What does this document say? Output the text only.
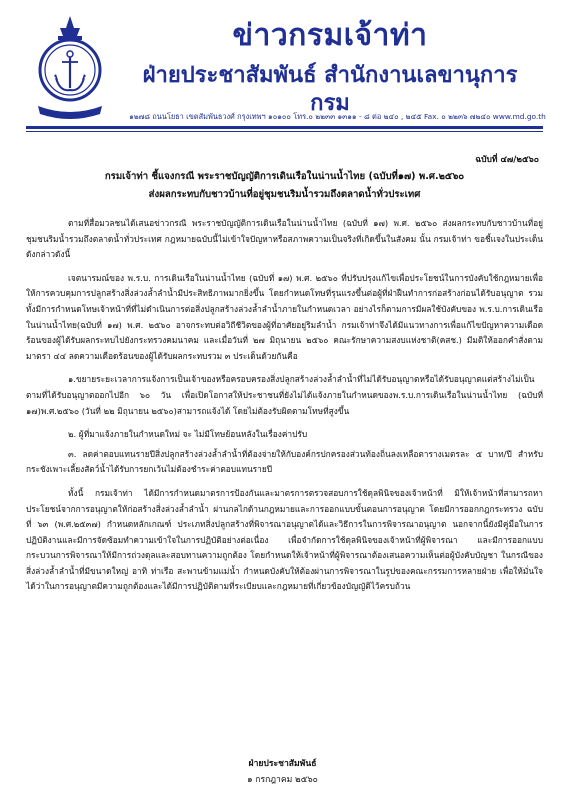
ข่าวกรมเจ้าท่า
ฝ่ายประชาสัมพันธ์ สำนักงานเลขานุการกรม
๑๒๗๘ ถนนโยธา เขตสัมพันธวงศ์ กรุงเทพฯ ๑๐๑๐๐ โทร.๐ ๒๒๓๓ ๑๓๑๑ - ๘ ต่อ ๒๔๐ , ๒๔๕ Fax. ๐ ๒๒๓๖ ๗๒๔๐ www.md.go.th
ฉบับที่ ๔๗/๒๕๖๐
กรมเจ้าท่า ชี้แจงกรณี พระราชบัญญัติการเดินเรือในน่านน้ำไทย (ฉบับที่๑๗) พ.ศ.๒๕๖๐
ส่งผลกระทบกับชาวบ้านที่อยู่ชุมชนริมน้ำรวมถึงตลาดน้ำทั่วประเทศ

ตามที่สื่อมวลชนได้เสนอข่าวกรณี พระราชบัญญัติการเดินเรือในน่านน้ำไทย (ฉบับที่ ๑๗) พ.ศ. ๒๕๖๐ ส่งผลกระทบกับชาวบ้านที่อยู่ชุมชนริมน้ำรวมถึงตลาดน้ำทั่วประเทศ กฎหมายฉบับนี้ไม่เข้าใจปัญหาหรือสภาพความเป็นจริงที่เกิดขึ้นในสังคม นั้น กรมเจ้าท่า ขอชี้แจงในประเด็นดังกล่าวดังนี้

เจตนารมณ์ของ พ.ร.บ. การเดินเรือในน่านน้ำไทย (ฉบับที่ ๑๗) พ.ศ. ๒๕๖๐ ที่ปรับปรุงแก้ไขเพื่อประโยชน์ในการบังคับใช้กฎหมายเพื่อให้การควบคุมการปลูกสร้างสิ่งล่วงล้ำลำน้ำมีประสิทธิภาพมากยิ่งขึ้น โดยกำหนดโทษที่รุนแรงขึ้นต่อผู้ที่ฝ่าฝืนทำการก่อสร้างก่อนได้รับอนุญาต รวมทั้งมีการกำหนดโทษเจ้าหน้าที่ที่ไม่ดำเนินการต่อสิ่งปลูกสร้างล่วงล้ำลำน้ำภายในกำหนดเวลา อย่างไรก็ตามการมีผลใช้บังคับของ พ.ร.บ.การเดินเรือในน่านน้ำไทย(ฉบับที่ ๑๗) พ.ศ. ๒๕๖๐ อาจกระทบต่อวิถีชีวิตของผู้ที่อาศัยอยู่ริมลำน้ำ กรมเจ้าท่าจึงได้มีแนวทางการเพื่อแก้ไขปัญหาความเดือดร้อนของผู้ได้รับผลกระทบไปยังกระทรวงคมนาคม และเมื่อวันที่ ๒๗ มิถุนายน ๒๕๖๐ คณะรักษาความสงบแห่งชาติ(คสช.) มีมติให้ออกคำสั่งตามมาตรา ๔๔ ลดความเดือดร้อนของผู้ได้รับผลกระทบรวม ๓ ประเด็นด้วยกันคือ

๑.ขยายระยะเวลาการแจ้งการเป็นเจ้าของหรือครอบครองสิ่งปลูกสร้างล่วงล้ำลำน้ำที่ไม่ได้รับอนุญาตหรือได้รับอนุญาตแต่สร้างไม่เป็นตามที่ได้รับอนุญาตออกไปอีก ๖๐ วัน เพื่อเปิดโอกาสให้ประชาชนที่ยังไม่ได้แจ้งภายในกำหนดของพ.ร.บ.การเดินเรือในน่านน้ำไทย (ฉบับที่ ๑๗)พ.ศ.๒๕๖๐ (วันที่ ๒๒ มิถุนายน ๒๕๖๐)สามารถแจ้งได้ โดยไม่ต้องรับผิดตามโทษที่สูงขึ้น

๒. ผู้ที่มาแจ้งภายในกำหนดใหม่ จะ ไม่มีโทษย้อนหลังในเรื่องค่าปรับ

๓. ลดค่าตอบแทนรายปีสิ่งปลูกสร้างล่วงล้ำลำน้ำที่ต้องจ่ายให้กับองค์กรปกครองส่วนท้องถิ่นลงเหลือตารางเมตรละ ๕ บาท/ปี สำหรับกระชังเพาะเลี้ยงสัตว์น้ำได้รับการยกเว้นไม่ต้องชำระค่าตอบแทนรายปี

ทั้งนี้ กรมเจ้าท่า ได้มีการกำหนดมาตรการป้องกันและมาตรการตรวจสอบการใช้ดุลพินิจของเจ้าหน้าที่ มิให้เจ้าหน้าที่สามารถหาประโยชน์จากการอนุญาตให้ก่อสร้างสิ่งล่วงล้ำลำน้ำ ผ่านกลไกด้านกฎหมายและการออกแบบขั้นตอนการอนุญาต โดยมีการออกกฎกระทรวง ฉบับที่ ๖๓ (พ.ศ.๒๕๓๗) กำหนดหลักเกณฑ์ ประเภทสิ่งปลูกสร้างที่พิจารณาอนุญาตได้และวิธีการในการพิจารณาอนุญาต นอกจากนี้ยังมีคู่มือในการปฏิบัติงานและมีการจัดซ้อมทำความเข้าใจในการปฏิบัติอย่างต่อเนื่อง เพื่อจำกัดการใช้ดุลพินิจของเจ้าหน้าที่ผู้พิจารณา และมีการออกแบบกระบวนการพิจารณาให้มีการถ่วงดุลและสอบทานความถูกต้อง โดยกำหนดให้เจ้าหน้าที่ผู้พิจารณาต้องเสนอความเห็นต่อผู้บังคับบัญชา ในกรณีของสิ่งล่วงล้ำลำน้ำที่มีขนาดใหญ่ อาทิ ท่าเรือ สะพานข้ามแม่น้ำ กำหนดบังคับให้ต้องผ่านการพิจารณาในรูปของคณะกรรมการหลายฝ่าย เพื่อให้มั่นใจได้ว่าในการอนุญาตมีความถูกต้องและได้มีการปฏิบัติตามที่ระเบียบและกฎหมายที่เกี่ยวข้องบัญญัติไว้ครบถ้วน

ฝ่ายประชาสัมพันธ์
๑ กรกฎาคม ๒๕๖๐
